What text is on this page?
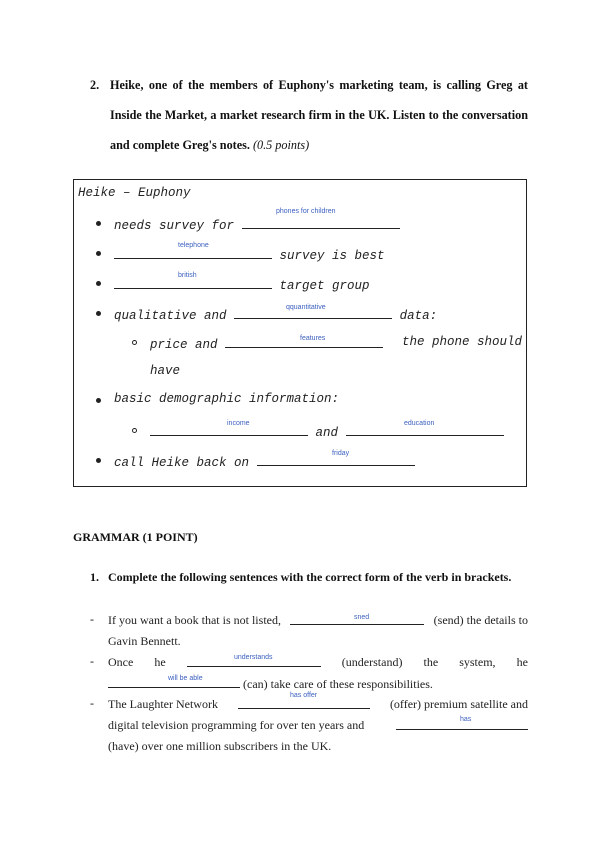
2. Heike, one of the members of Euphony's marketing team, is calling Greg at Inside the Market, a market research firm in the UK. Listen to the conversation and complete Greg's notes. (0.5 points)
Heike – Euphony
needs survey for
phones for children
survey is best
telephone
target group
british
qualitative and	data:
qquantitative
price and	the phone should
features
have
basic demographic information:
and
income	education
call Heike back on
friday
GRAMMAR (1 POINT)
1. Complete the following sentences with the correct form of the verb in brackets.
- If you want a book that is not listed,	(send) the details to
Gavin Bennett.
sned
- Once he	(understand) the system, he
(can) take care of these responsibilities.
understands
will be able
- The Laughter Network	(offer) premium satellite and
digital television programming for over ten years and
(have) over one million subscribers in the UK.
has offer
has
